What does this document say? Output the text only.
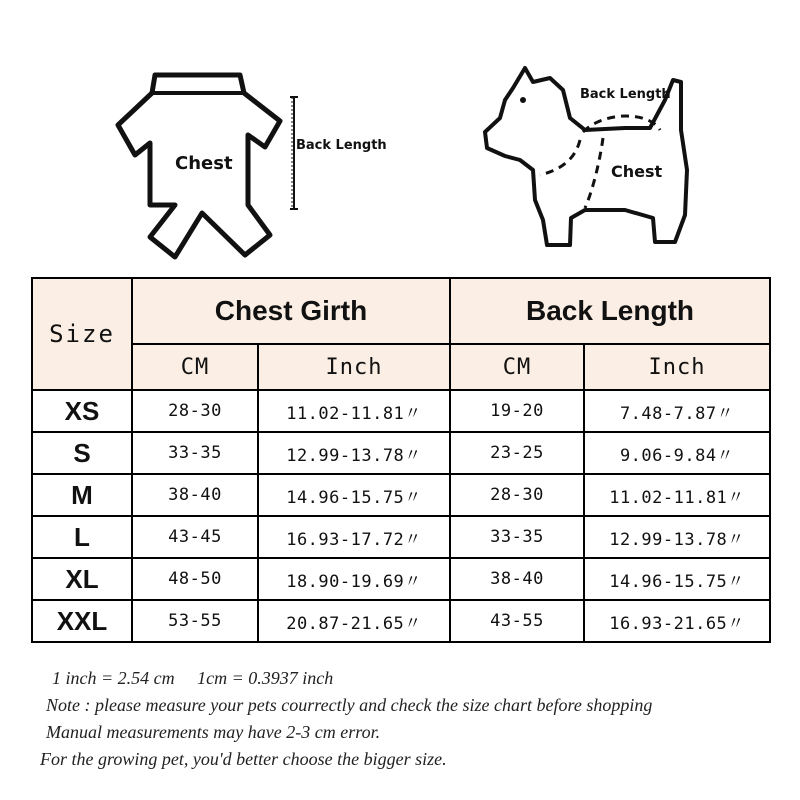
Chest
Back Length
Back Length
Chest
Size	Chest Girth		Back Length	
	CM	Inch	CM	Inch
XS	28-30	11.02-11.81〃	19-20	7.48-7.87〃
S	33-35	12.99-13.78〃	23-25	9.06-9.84〃
M	38-40	14.96-15.75〃	28-30	11.02-11.81〃
L	43-45	16.93-17.72〃	33-35	12.99-13.78〃
XL	48-50	18.90-19.69〃	38-40	14.96-15.75〃
XXL	53-55	20.87-21.65〃	43-55	16.93-21.65〃
1 inch = 2.54 cm     1cm = 0.3937 inch
Note : please measure your pets courrectly and check the size chart before shopping
Manual measurements may have 2-3 cm error.
For the growing pet, you'd better choose the bigger size.
